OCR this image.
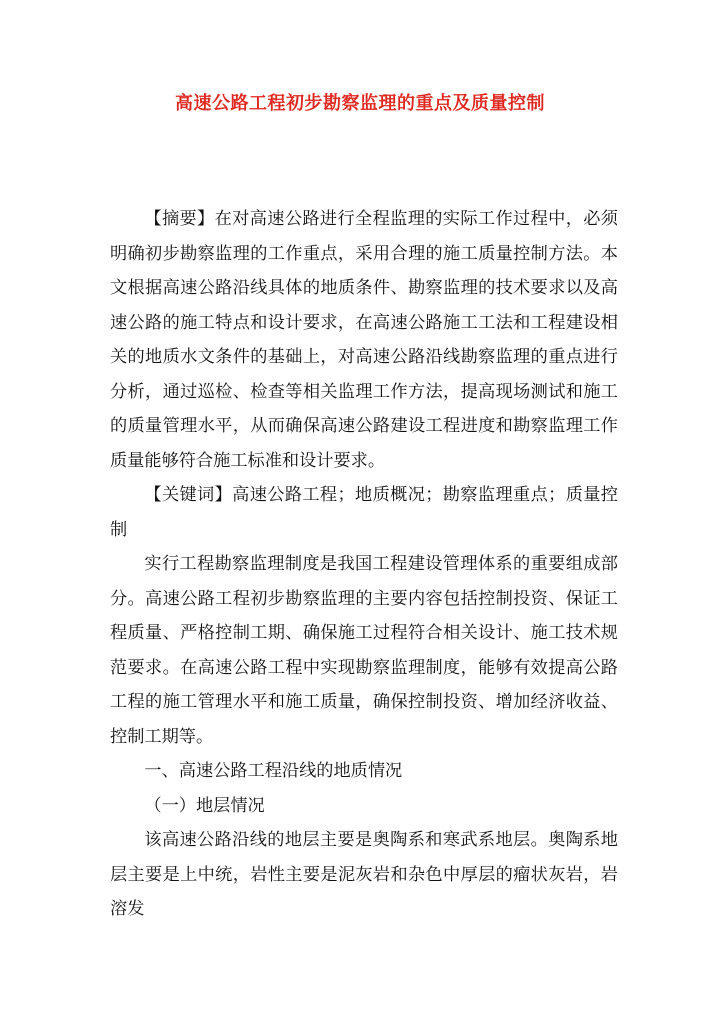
高速公路工程初步勘察监理的重点及质量控制

【摘要】在对高速公路进行全程监理的实际工作过程中，必须明确初步勘察监理的工作重点，采用合理的施工质量控制方法。本文根据高速公路沿线具体的地质条件、勘察监理的技术要求以及高速公路的施工特点和设计要求，在高速公路施工工法和工程建设相关的地质水文条件的基础上，对高速公路沿线勘察监理的重点进行分析，通过巡检、检查等相关监理工作方法，提高现场测试和施工的质量管理水平，从而确保高速公路建设工程进度和勘察监理工作质量能够符合施工标准和设计要求。

【关键词】高速公路工程；地质概况；勘察监理重点；质量控制

实行工程勘察监理制度是我国工程建设管理体系的重要组成部分。高速公路工程初步勘察监理的主要内容包括控制投资、保证工程质量、严格控制工期、确保施工过程符合相关设计、施工技术规范要求。在高速公路工程中实现勘察监理制度，能够有效提高公路工程的施工管理水平和施工质量，确保控制投资、增加经济收益、控制工期等。

一、高速公路工程沿线的地质情况

（一）地层情况

该高速公路沿线的地层主要是奥陶系和寒武系地层。奥陶系地层主要是上中统，岩性主要是泥灰岩和杂色中厚层的瘤状灰岩，岩溶发
